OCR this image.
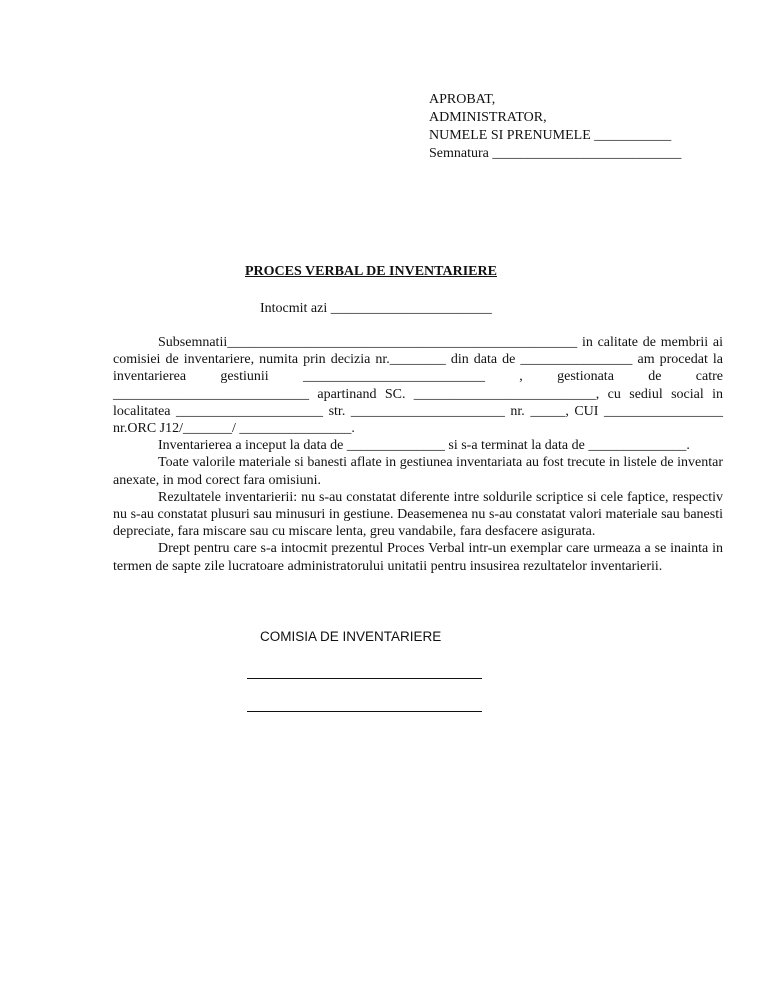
APROBAT,
ADMINISTRATOR,
NUMELE SI PRENUMELE ___________
Semnatura ___________________________
PROCES VERBAL DE INVENTARIERE
Intocmit azi _______________________

Subsemnatii__________________________________________________ in calitate de membrii ai comisiei de inventariere, numita prin decizia nr.________ din data de ________________ am procedat la inventarierea gestiunii __________________________ , gestionata de catre ____________________________ apartinand SC. __________________________, cu sediul social in localitatea _____________________ str. ______________________ nr. _____, CUI _________________ nr.ORC J12/_______/ ________________.

Inventarierea a inceput la data de ______________ si s-a terminat la data de ______________.

Toate valorile materiale si banesti aflate in gestiunea inventariata au fost trecute in listele de inventar anexate, in mod corect fara omisiuni.

Rezultatele inventarierii: nu s-au constatat diferente intre soldurile scriptice si cele faptice, respectiv nu s-au constatat plusuri sau minusuri in gestiune. Deasemenea nu s-au constatat valori materiale sau banesti depreciate, fara miscare sau cu miscare lenta, greu vandabile, fara desfacere asigurata.

Drept pentru care s-a intocmit prezentul Proces Verbal intr-un exemplar care urmeaza a se inainta in termen de sapte zile lucratoare administratorului unitatii pentru insusirea rezultatelor inventarierii.

COMISIA DE INVENTARIERE
